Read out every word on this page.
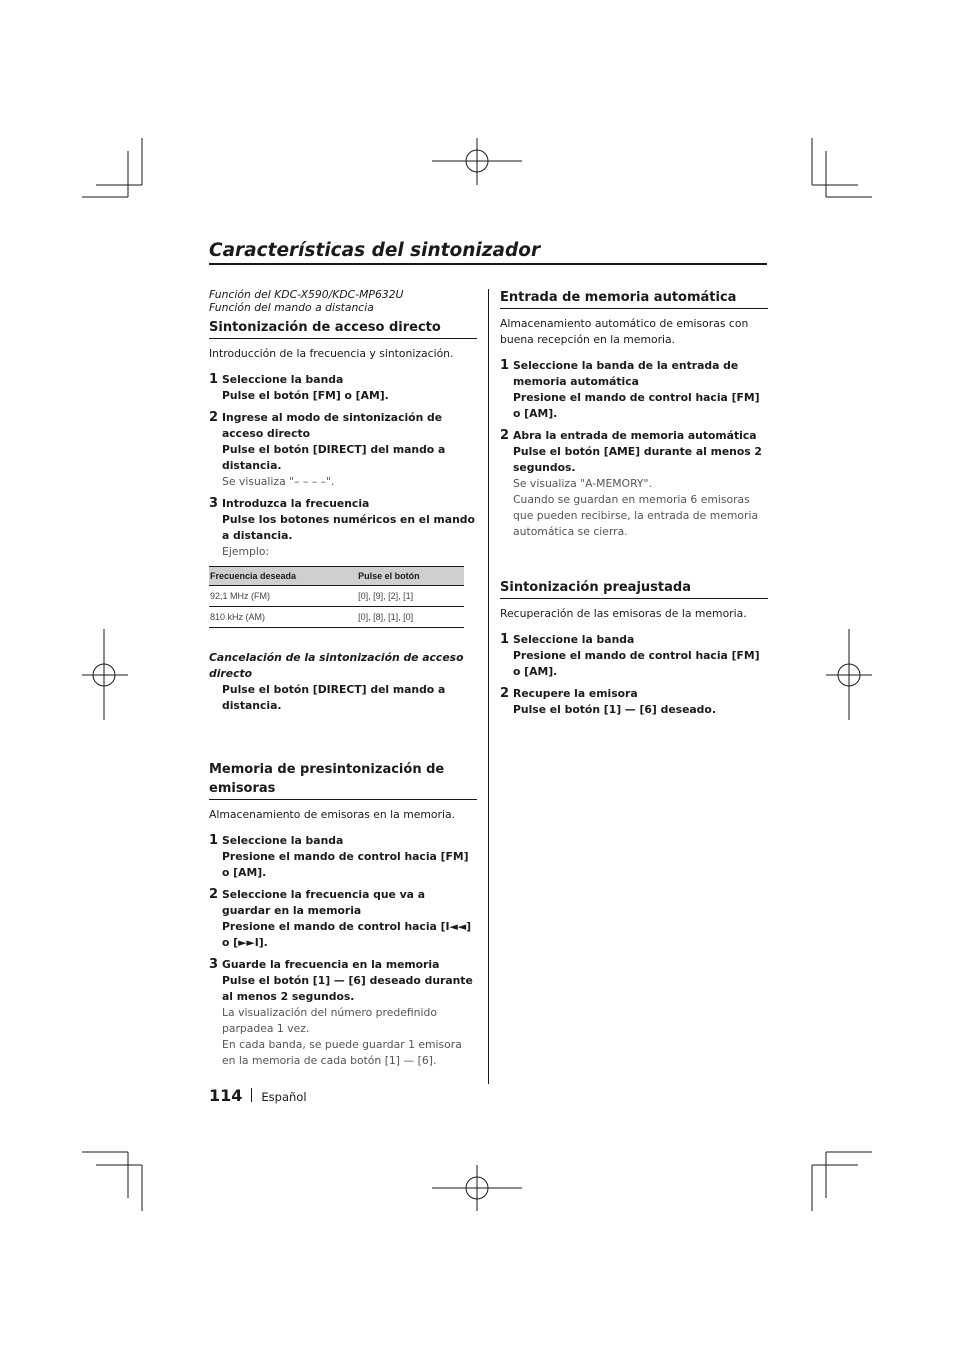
Características del sintonizador
Función del KDC-X590/KDC-MP632U
Función del mando a distancia
Sintonización de acceso directo

Introducción de la frecuencia y sintonización.

1 Seleccione la banda
Pulse el botón [FM] o [AM].
2 Ingrese al modo de sintonización de acceso directo
Pulse el botón [DIRECT] del mando a distancia.
Se visualiza "– – – –".
3 Introduzca la frecuencia
Pulse los botones numéricos en el mando a distancia.
Ejemplo:
Frecuencia deseada	Pulse el botón
92,1 MHz (FM)	[0], [9], [2], [1]
810 kHz (AM)	[0], [8], [1], [0]
Cancelación de la sintonización de acceso directo
Pulse el botón [DIRECT] del mando a distancia.
Memoria de presintonización de emisoras

Almacenamiento de emisoras en la memoria.

1 Seleccione la banda
Presione el mando de control hacia [FM] o [AM].
2 Seleccione la frecuencia que va a guardar en la memoria
Presione el mando de control hacia [I◄◄] o [►►I].
3 Guarde la frecuencia en la memoria
Pulse el botón [1] — [6] deseado durante al menos 2 segundos.
La visualización del número predefinido parpadea 1 vez.
En cada banda, se puede guardar 1 emisora en la memoria de cada botón [1] — [6].
Entrada de memoria automática

Almacenamiento automático de emisoras con buena recepción en la memoria.

1 Seleccione la banda de la entrada de memoria automática
Presione el mando de control hacia [FM] o [AM].
2 Abra la entrada de memoria automática
Pulse el botón [AME] durante al menos 2 segundos.
Se visualiza "A-MEMORY".
Cuando se guardan en memoria 6 emisoras que pueden recibirse, la entrada de memoria automática se cierra.
Sintonización preajustada

Recuperación de las emisoras de la memoria.

1 Seleccione la banda
Presione el mando de control hacia [FM] o [AM].
2 Recupere la emisora
Pulse el botón [1] — [6] deseado.
114 Español
